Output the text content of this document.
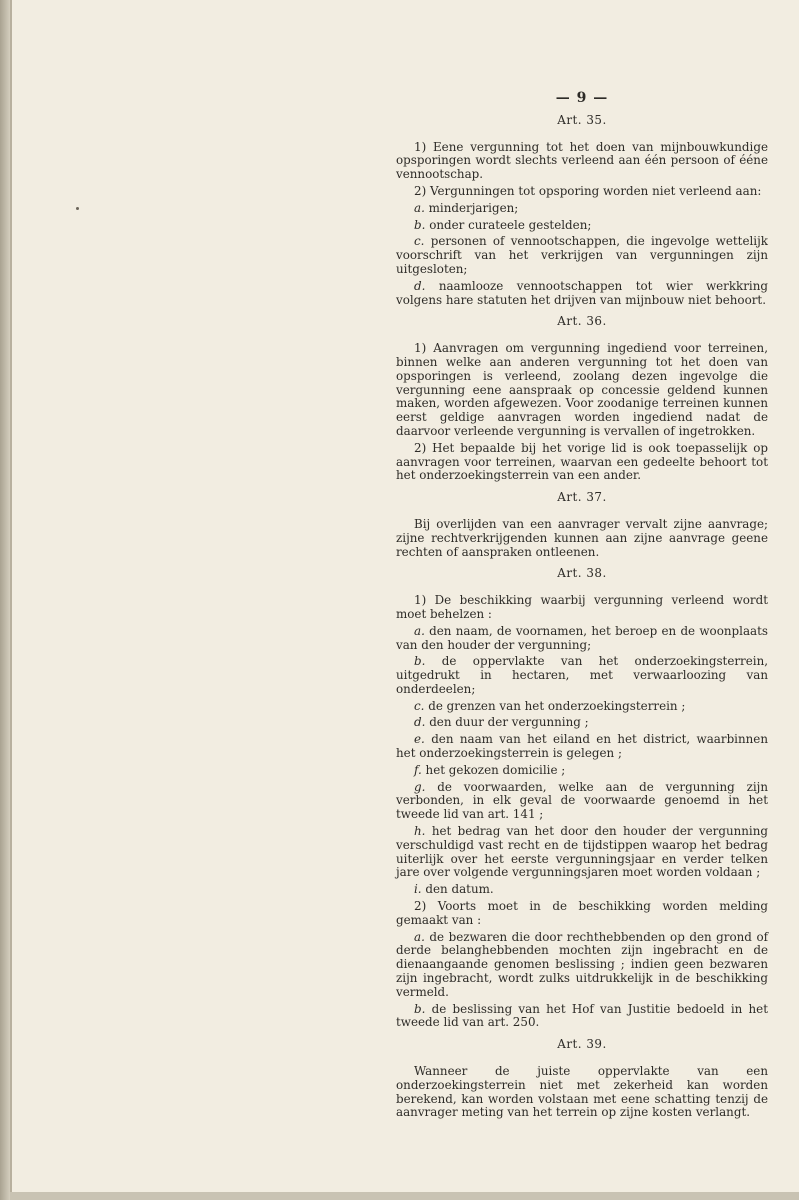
— 9 —
Art. 35.

1) Eene vergunning tot het doen van mijnbouwkundige opsporingen wordt slechts verleend aan één persoon of ééne vennootschap.

2) Vergunningen tot opsporing worden niet verleend aan:

a. minderjarigen;

b. onder curateele gestelden;

c. personen of vennootschappen, die ingevolge wettelijk voorschrift van het verkrijgen van vergunningen zijn uitgesloten;

d. naamlooze vennootschappen tot wier werkkring volgens hare statuten het drijven van mijnbouw niet behoort.

Art. 36.

1) Aanvragen om vergunning ingediend voor terreinen, binnen welke aan anderen vergunning tot het doen van opsporingen is verleend, zoolang dezen ingevolge die vergunning eene aanspraak op concessie geldend kunnen maken, worden afgewezen. Voor zoodanige terreinen kunnen eerst geldige aanvragen worden ingediend nadat de daarvoor verleende vergunning is vervallen of ingetrokken.

2) Het bepaalde bij het vorige lid is ook toepasselijk op aanvragen voor terreinen, waarvan een gedeelte behoort tot het onderzoekingsterrein van een ander.

Art. 37.

Bij overlijden van een aanvrager vervalt zijne aanvrage; zijne rechtverkrijgenden kunnen aan zijne aanvrage geene rechten of aanspraken ontleenen.

Art. 38.

1) De beschikking waarbij vergunning verleend wordt moet behelzen :

a. den naam, de voornamen, het beroep en de woonplaats van den houder der vergunning;

b. de oppervlakte van het onderzoekingsterrein, uitgedrukt in hectaren, met verwaarloozing van onderdeelen;

c. de grenzen van het onderzoekingsterrein ;

d. den duur der vergunning ;

e. den naam van het eiland en het district, waarbinnen het onderzoekingsterrein is gelegen ;

f. het gekozen domicilie ;

g. de voorwaarden, welke aan de vergunning zijn verbonden, in elk geval de voorwaarde genoemd in het tweede lid van art. 141 ;

h. het bedrag van het door den houder der vergunning verschuldigd vast recht en de tijdstippen waarop het bedrag uiterlijk over het eerste vergunningsjaar en verder telken jare over volgende vergunningsjaren moet worden voldaan ;

i. den datum.

2) Voorts moet in de beschikking worden melding gemaakt van :

a. de bezwaren die door rechthebbenden op den grond of derde belanghebbenden mochten zijn ingebracht en de dienaangaande genomen beslissing ; indien geen bezwaren zijn ingebracht, wordt zulks uitdrukkelijk in de beschikking vermeld.

b. de beslissing van het Hof van Justitie bedoeld in het tweede lid van art. 250.

Art. 39.

Wanneer de juiste oppervlakte van een onderzoekingsterrein niet met zekerheid kan worden berekend, kan worden volstaan met eene schatting tenzij de aanvrager meting van het terrein op zijne kosten verlangt.
